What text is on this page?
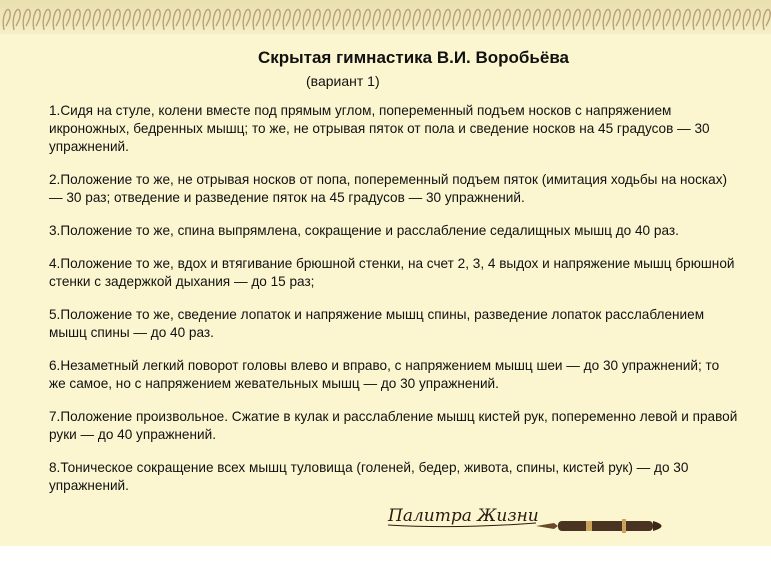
Скрытая гимнастика В.И. Воробьёва
(вариант 1)

1.Сидя на стуле, колени вместе под прямым углом, попеременный подъем носков с напряжением икроножных, бедренных мышц; то же, не отрывая пяток от пола и сведение носков на 45 градусов — 30 упражнений.

2.Положение то же, не отрывая носков от попа, попеременный подъем пяток (имитация ходьбы на носках) — 30 раз; отведение и разведение пяток на 45 градусов — 30 упражнений.

3.Положение то же, спина выпрямлена, сокращение и расслабление седалищных мышц до 40 раз.

4.Положение то же, вдох и втягивание брюшной стенки, на счет 2, 3, 4 выдох и напряжение мышц брюшной стенки с задержкой дыхания — до 15 раз;

5.Положение то же, сведение лопаток и напряжение мышц спины, разведение лопаток расслаблением мышц спины — до 40 раз.

6.Незаметный легкий поворот головы влево и вправо, с напряжением мышц шеи — до 30 упражнений; то же самое, но с напряжением жевательных мышц — до 30 упражнений.

7.Положение произвольное. Сжатие в кулак и расслабление мышц кистей рук, попеременно левой и правой руки — до 40 упражнений.

8.Тоническое сокращение всех мышц туловища (голеней, бедер, живота, спины, кистей рук) — до 30 упражнений.

Палитра Жизни
